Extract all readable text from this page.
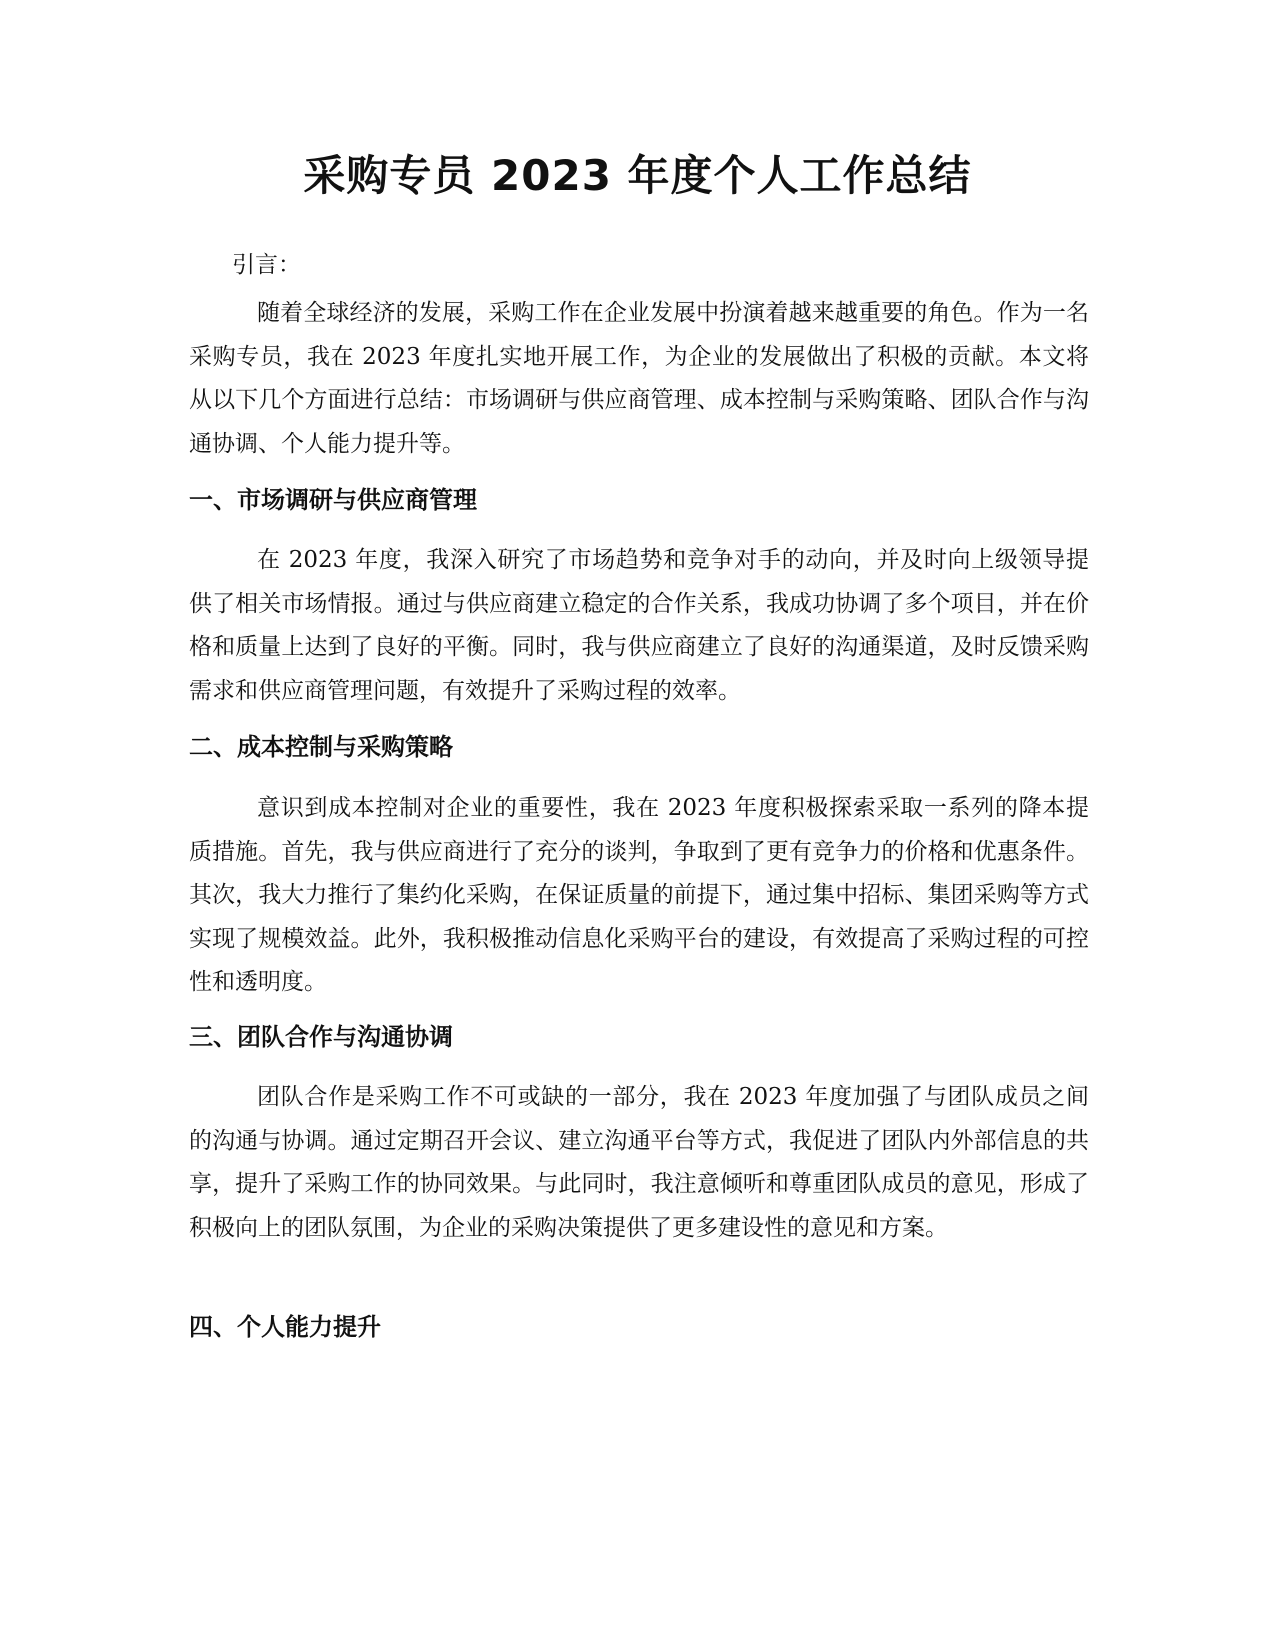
采购专员 2023 年度个人工作总结

引言：

随着全球经济的发展，采购工作在企业发展中扮演着越来越重要的角色。作为一名采购专员，我在 2023 年度扎实地开展工作，为企业的发展做出了积极的贡献。本文将从以下几个方面进行总结：市场调研与供应商管理、成本控制与采购策略、团队合作与沟通协调、个人能力提升等。

一、市场调研与供应商管理

在 2023 年度，我深入研究了市场趋势和竞争对手的动向，并及时向上级领导提供了相关市场情报。通过与供应商建立稳定的合作关系，我成功协调了多个项目，并在价格和质量上达到了良好的平衡。同时，我与供应商建立了良好的沟通渠道，及时反馈采购需求和供应商管理问题，有效提升了采购过程的效率。

二、成本控制与采购策略

意识到成本控制对企业的重要性，我在 2023 年度积极探索采取一系列的降本提质措施。首先，我与供应商进行了充分的谈判，争取到了更有竞争力的价格和优惠条件。其次，我大力推行了集约化采购，在保证质量的前提下，通过集中招标、集团采购等方式实现了规模效益。此外，我积极推动信息化采购平台的建设，有效提高了采购过程的可控性和透明度。

三、团队合作与沟通协调

团队合作是采购工作不可或缺的一部分，我在 2023 年度加强了与团队成员之间的沟通与协调。通过定期召开会议、建立沟通平台等方式，我促进了团队内外部信息的共享，提升了采购工作的协同效果。与此同时，我注意倾听和尊重团队成员的意见，形成了积极向上的团队氛围，为企业的采购决策提供了更多建设性的意见和方案。

四、个人能力提升
